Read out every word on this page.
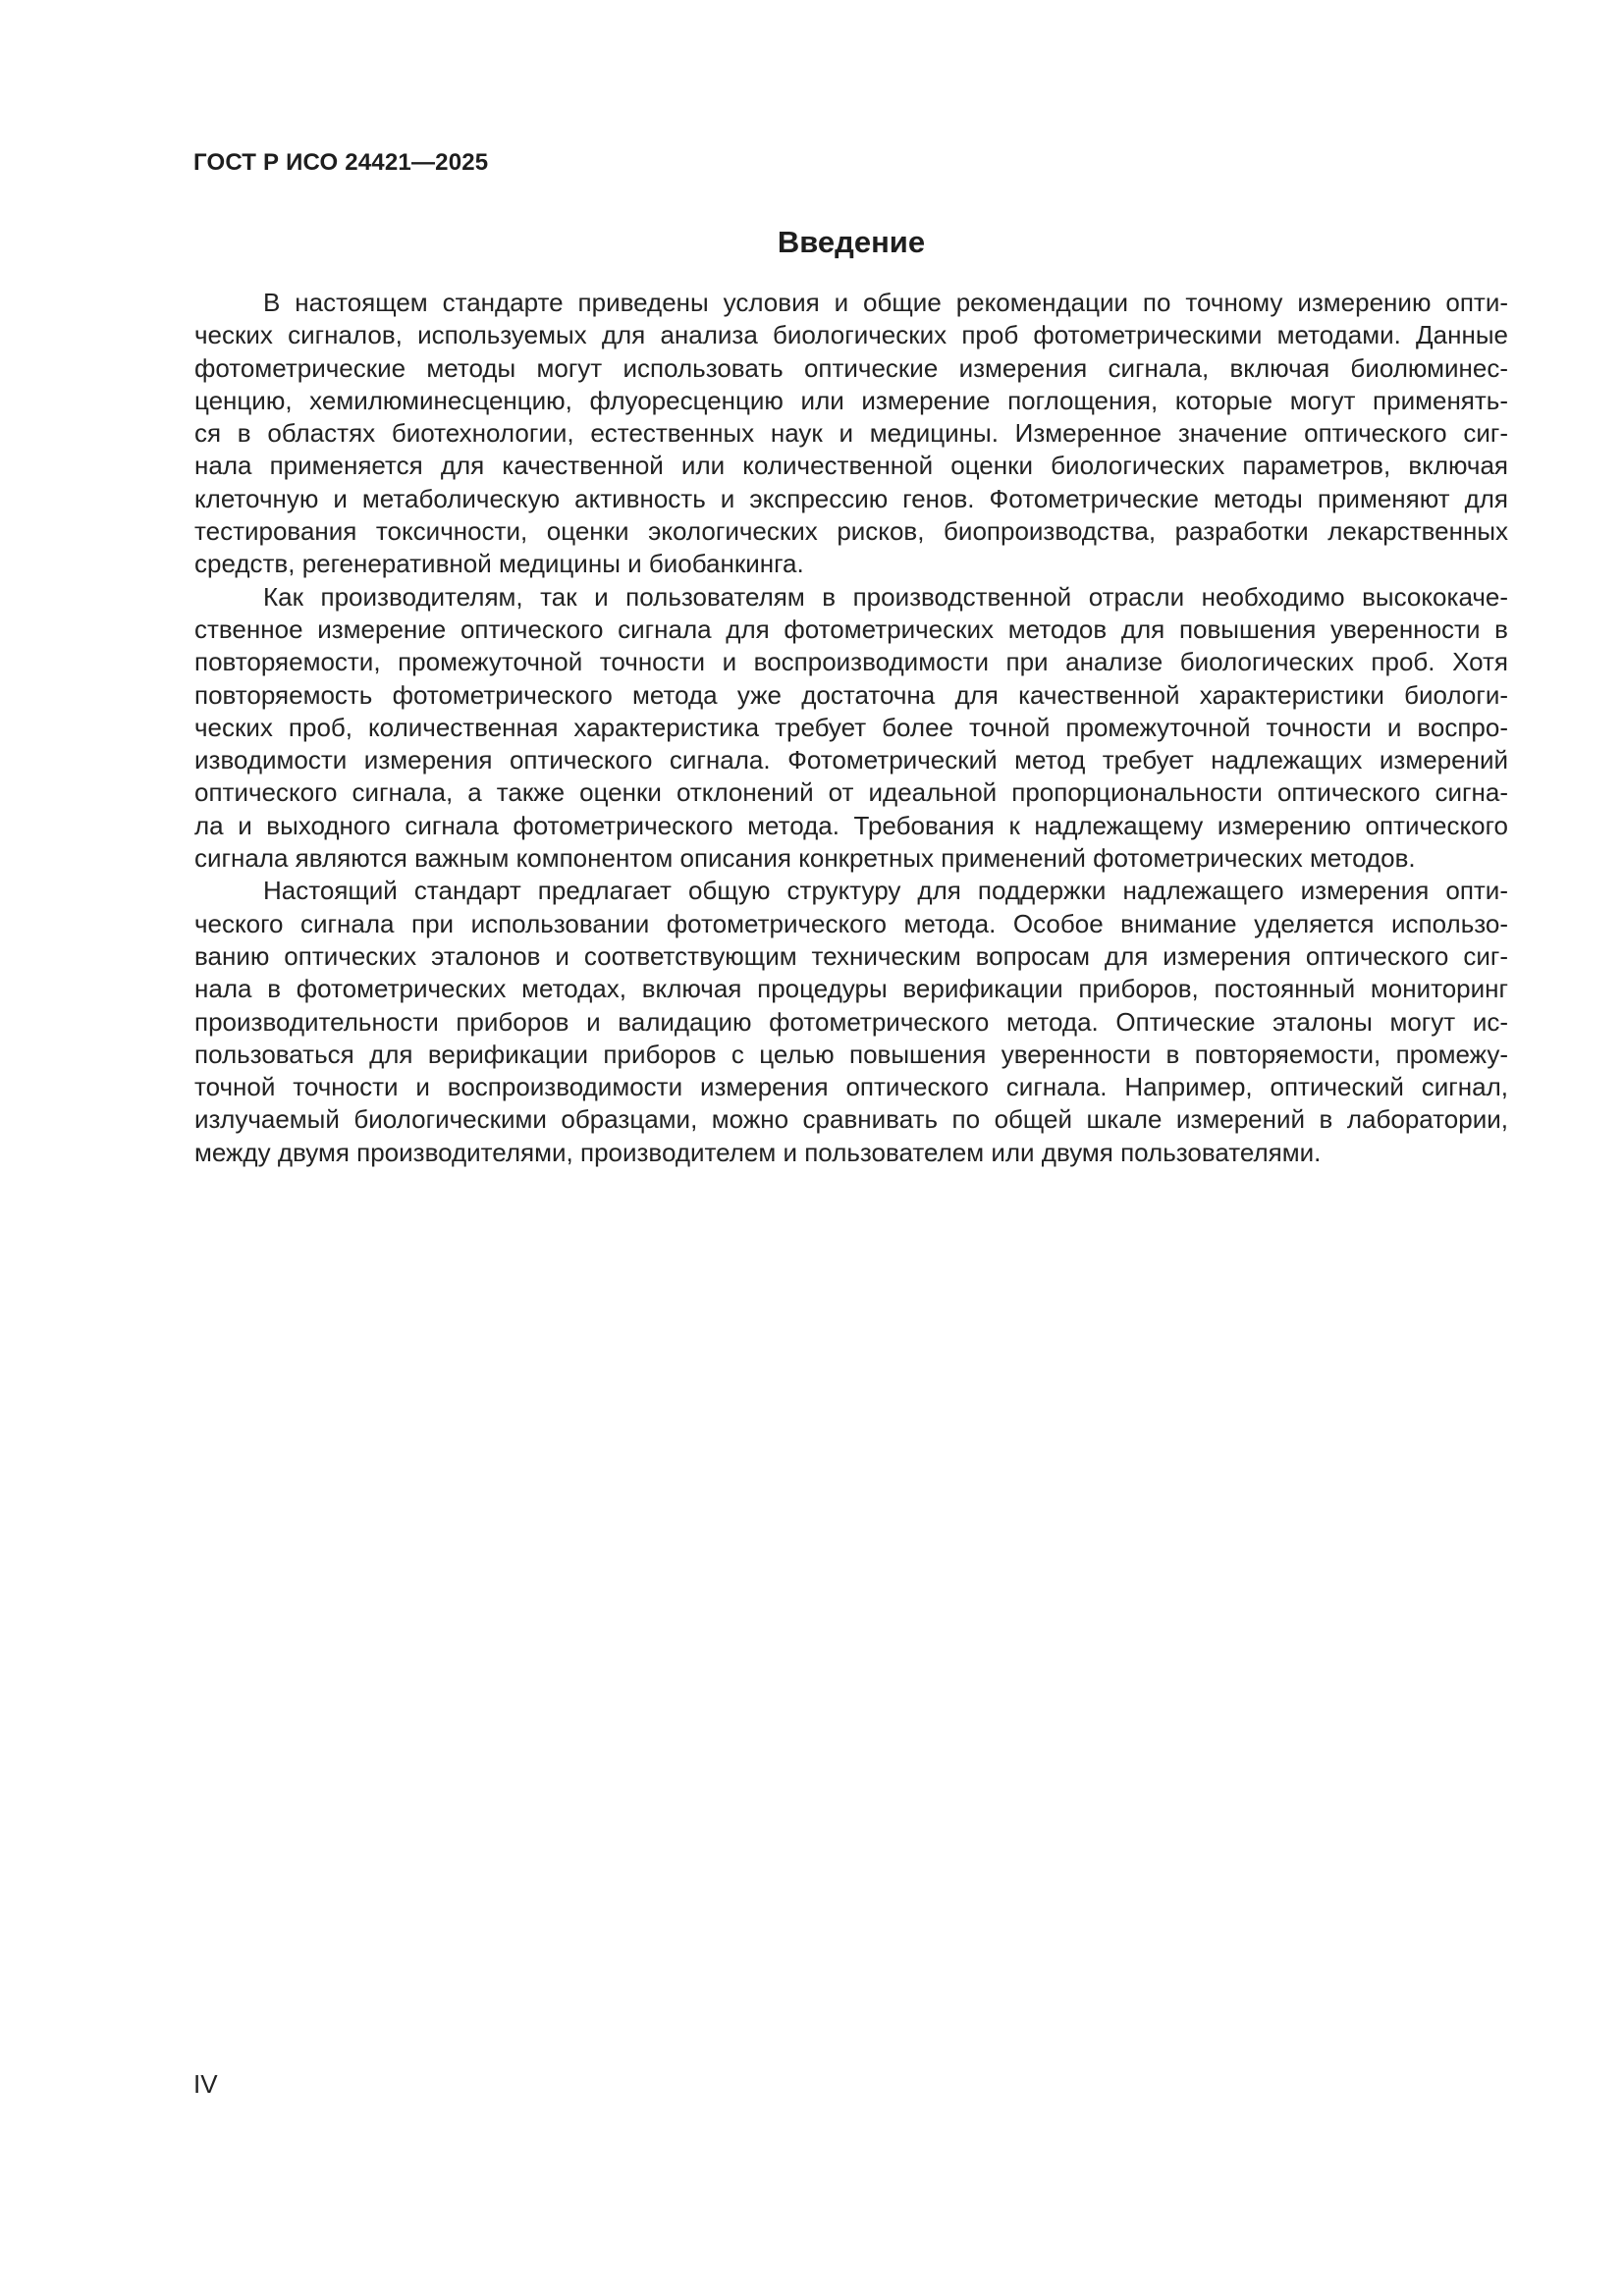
ГОСТ Р ИСО 24421—2025
Введение
В настоящем стандарте приведены условия и общие рекомендации по точному измерению опти-
ческих сигналов, используемых для анализа биологических проб фотометрическими методами. Данные
фотометрические методы могут использовать оптические измерения сигнала, включая биолюминес-
ценцию, хемилюминесценцию, флуоресценцию или измерение поглощения, которые могут применять-
ся в областях биотехнологии, естественных наук и медицины. Измеренное значение оптического сиг-
нала применяется для качественной или количественной оценки биологических параметров, включая
клеточную и метаболическую активность и экспрессию генов. Фотометрические методы применяют для
тестирования токсичности, оценки экологических рисков, биопроизводства, разработки лекарственных
средств, регенеративной медицины и биобанкинга.
Как производителям, так и пользователям в производственной отрасли необходимо высококаче-
ственное измерение оптического сигнала для фотометрических методов для повышения уверенности в
повторяемости, промежуточной точности и воспроизводимости при анализе биологических проб. Хотя
повторяемость фотометрического метода уже достаточна для качественной характеристики биологи-
ческих проб, количественная характеристика требует более точной промежуточной точности и воспро-
изводимости измерения оптического сигнала. Фотометрический метод требует надлежащих измерений
оптического сигнала, а также оценки отклонений от идеальной пропорциональности оптического сигна-
ла и выходного сигнала фотометрического метода. Требования к надлежащему измерению оптического
сигнала являются важным компонентом описания конкретных применений фотометрических методов.
Настоящий стандарт предлагает общую структуру для поддержки надлежащего измерения опти-
ческого сигнала при использовании фотометрического метода. Особое внимание уделяется использо-
ванию оптических эталонов и соответствующим техническим вопросам для измерения оптического сиг-
нала в фотометрических методах, включая процедуры верификации приборов, постоянный мониторинг
производительности приборов и валидацию фотометрического метода. Оптические эталоны могут ис-
пользоваться для верификации приборов с целью повышения уверенности в повторяемости, промежу-
точной точности и воспроизводимости измерения оптического сигнала. Например, оптический сигнал,
излучаемый биологическими образцами, можно сравнивать по общей шкале измерений в лаборатории,
между двумя производителями, производителем и пользователем или двумя пользователями.
IV
